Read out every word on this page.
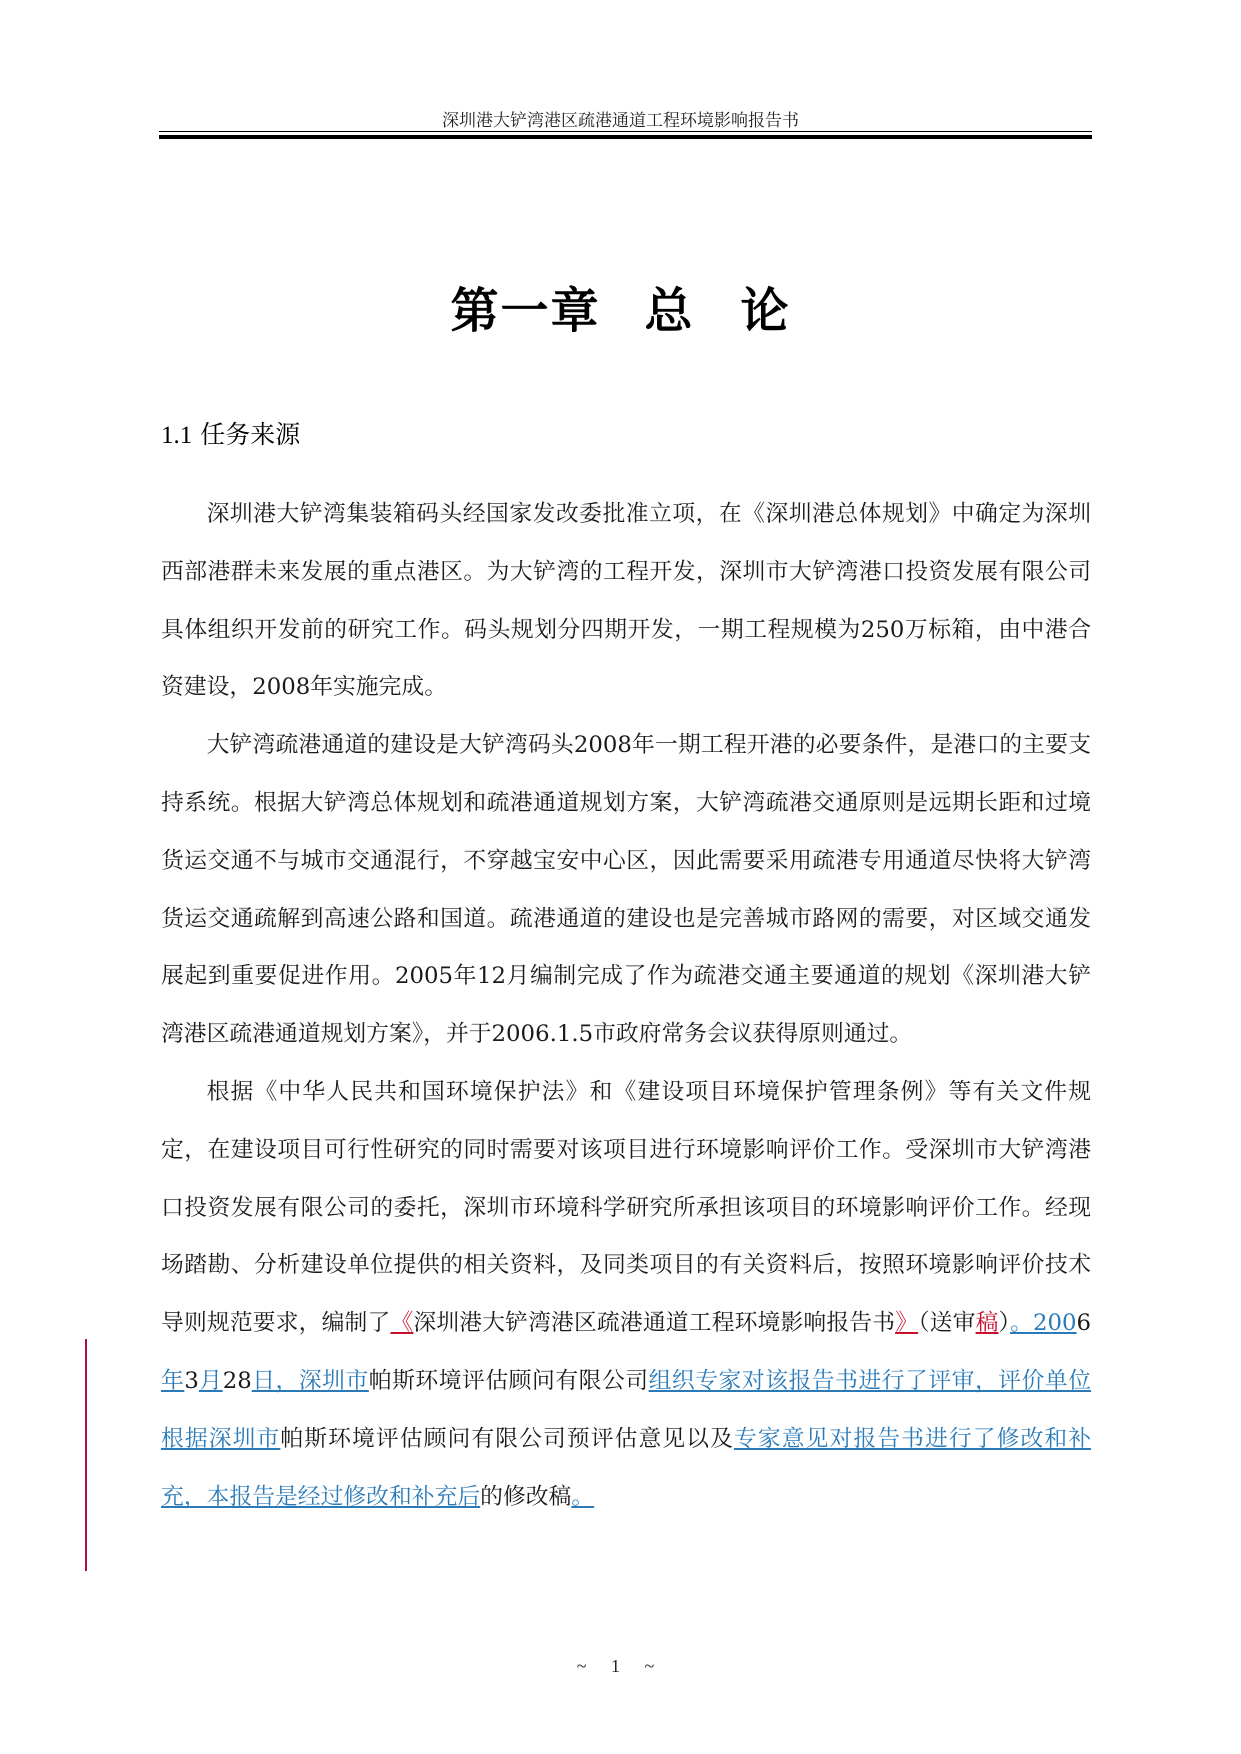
深圳港大铲湾港区疏港通道工程环境影响报告书
第一章 总 论
1.1 任务来源

深圳港大铲湾集装箱码头经国家发改委批准立项，在《深圳港总体规划》中确定为深圳西部港群未来发展的重点港区。为大铲湾的工程开发，深圳市大铲湾港口投资发展有限公司具体组织开发前的研究工作。码头规划分四期开发，一期工程规模为250万标箱，由中港合资建设，2008年实施完成。

大铲湾疏港通道的建设是大铲湾码头2008年一期工程开港的必要条件，是港口的主要支持系统。根据大铲湾总体规划和疏港通道规划方案，大铲湾疏港交通原则是远期长距和过境货运交通不与城市交通混行，不穿越宝安中心区，因此需要采用疏港专用通道尽快将大铲湾货运交通疏解到高速公路和国道。疏港通道的建设也是完善城市路网的需要，对区域交通发展起到重要促进作用。2005年12月编制完成了作为疏港交通主要通道的规划《深圳港大铲湾港区疏港通道规划方案》，并于2006.1.5市政府常务会议获得原则通过。

根据《中华人民共和国环境保护法》和《建设项目环境保护管理条例》等有关文件规定，在建设项目可行性研究的同时需要对该项目进行环境影响评价工作。受深圳市大铲湾港口投资发展有限公司的委托，深圳市环境科学研究所承担该项目的环境影响评价工作。经现场踏勘、分析建设单位提供的相关资料，及同类项目的有关资料后，按照环境影响评价技术导则规范要求，编制了《深圳港大铲湾港区疏港通道工程环境影响报告书》（送审稿）。2006年3月28日，深圳市帕斯环境评估顾问有限公司组织专家对该报告书进行了评审，评价单位根据深圳市帕斯环境评估顾问有限公司预评估意见以及专家意见对报告书进行了修改和补充，本报告是经过修改和补充后的修改稿。

~ 1 ~
